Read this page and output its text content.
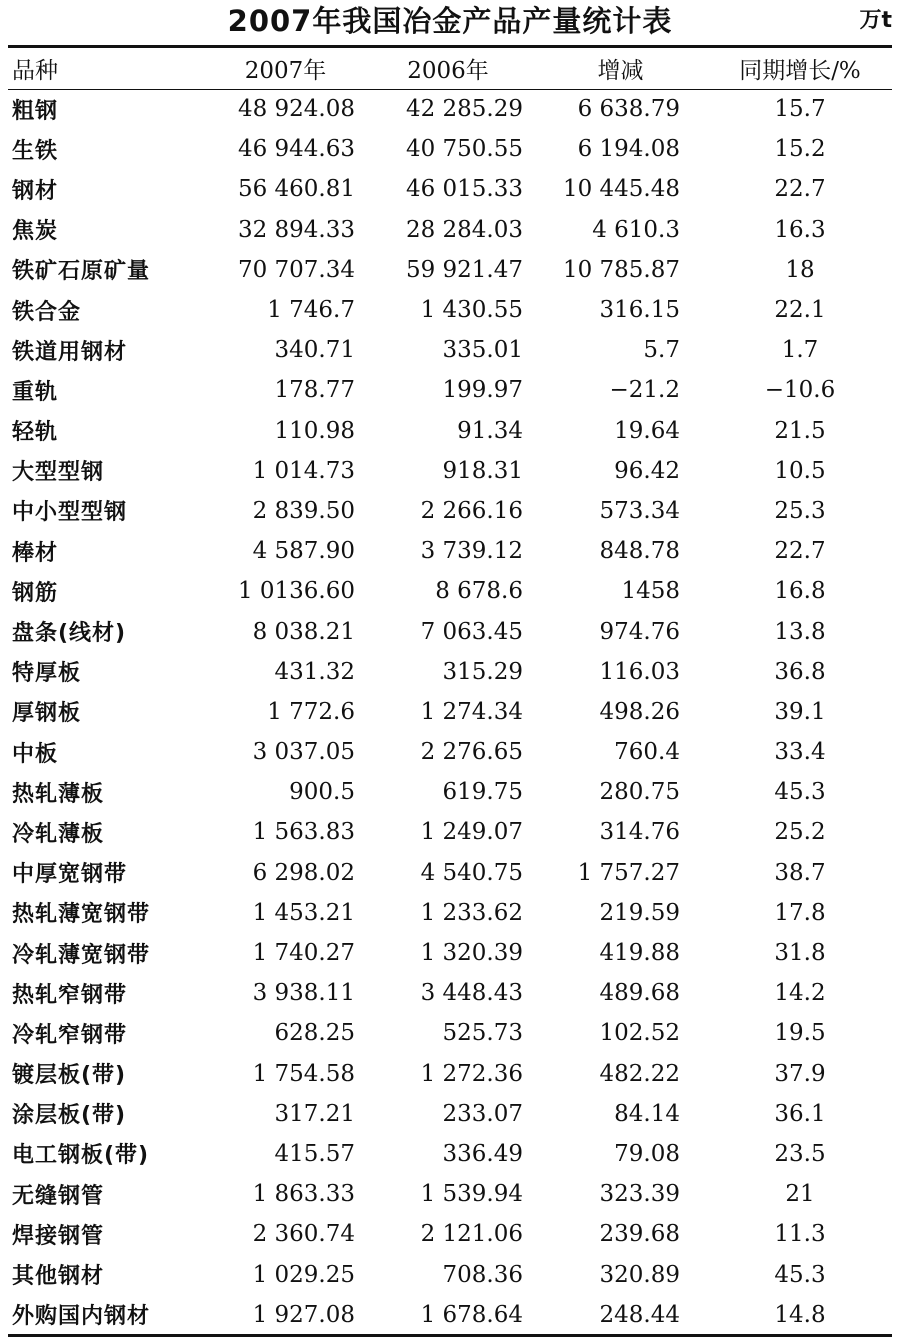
2007年我国冶金产品产量统计表	万t
品种	2007年	2006年	增减	同期增长/%
粗钢	48 924.08	42 285.29	6 638.79	15.7
生铁	46 944.63	40 750.55	6 194.08	15.2
钢材	56 460.81	46 015.33	10 445.48	22.7
焦炭	32 894.33	28 284.03	4 610.3	16.3
铁矿石原矿量	70 707.34	59 921.47	10 785.87	18
铁合金	1 746.7	1 430.55	316.15	22.1
铁道用钢材	340.71	335.01	5.7	1.7
重轨	178.77	199.97	−21.2	−10.6
轻轨	110.98	91.34	19.64	21.5
大型型钢	1 014.73	918.31	96.42	10.5
中小型型钢	2 839.50	2 266.16	573.34	25.3
棒材	4 587.90	3 739.12	848.78	22.7
钢筋	1 0136.60	8 678.6	1458	16.8
盘条(线材)	8 038.21	7 063.45	974.76	13.8
特厚板	431.32	315.29	116.03	36.8
厚钢板	1 772.6	1 274.34	498.26	39.1
中板	3 037.05	2 276.65	760.4	33.4
热轧薄板	900.5	619.75	280.75	45.3
冷轧薄板	1 563.83	1 249.07	314.76	25.2
中厚宽钢带	6 298.02	4 540.75	1 757.27	38.7
热轧薄宽钢带	1 453.21	1 233.62	219.59	17.8
冷轧薄宽钢带	1 740.27	1 320.39	419.88	31.8
热轧窄钢带	3 938.11	3 448.43	489.68	14.2
冷轧窄钢带	628.25	525.73	102.52	19.5
镀层板(带)	1 754.58	1 272.36	482.22	37.9
涂层板(带)	317.21	233.07	84.14	36.1
电工钢板(带)	415.57	336.49	79.08	23.5
无缝钢管	1 863.33	1 539.94	323.39	21
焊接钢管	2 360.74	2 121.06	239.68	11.3
其他钢材	1 029.25	708.36	320.89	45.3
外购国内钢材	1 927.08	1 678.64	248.44	14.8
